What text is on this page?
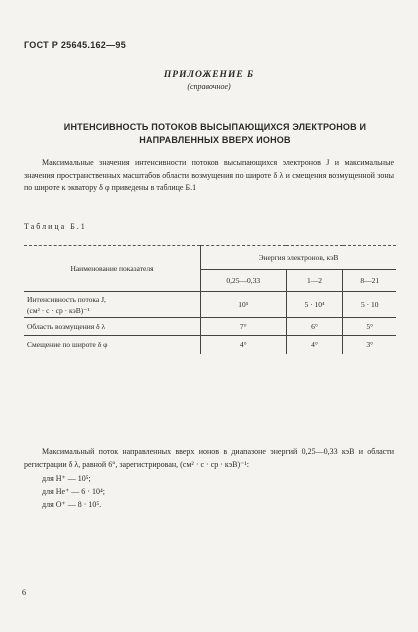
ГОСТ Р 25645.162—95
ПРИЛОЖЕНИЕ Б
(справочное)
ИНТЕНСИВНОСТЬ ПОТОКОВ ВЫСЫПАЮЩИХСЯ ЭЛЕКТРОНОВ И НАПРАВЛЕННЫХ ВВЕРХ ИОНОВ
Максимальные значения интенсивности потоков высыпающихся электронов J и максимальные значения пространственных масштабов области возмущения по широте δ λ и смещения возмущенной зоны по широте к экватору δ φ приведены в таблице Б.1
Таблица Б.1
Наименование показателя	Энергия электронов, кэВ		
	0,25—0,33	1—2	8—21

Интенсивность потока J,
(см² · с · ср · кэВ)⁻¹	10⁵	5 · 10⁴	5 · 10
Область возмущения δ λ	7°	6°	5°
Смещение по широте δ φ	4°	4°	3°
Максимальный поток направленных вверх ионов в диапазоне энергий 0,25—0,33 кэВ и области регистрации δ λ, равной 6°, зарегистрирован, (см² · с · ср · кэВ)⁻¹:
для H⁺ — 10⁵;
для He⁺ — 6 · 10⁴;
для O⁺ — 8 · 10⁵.
6
